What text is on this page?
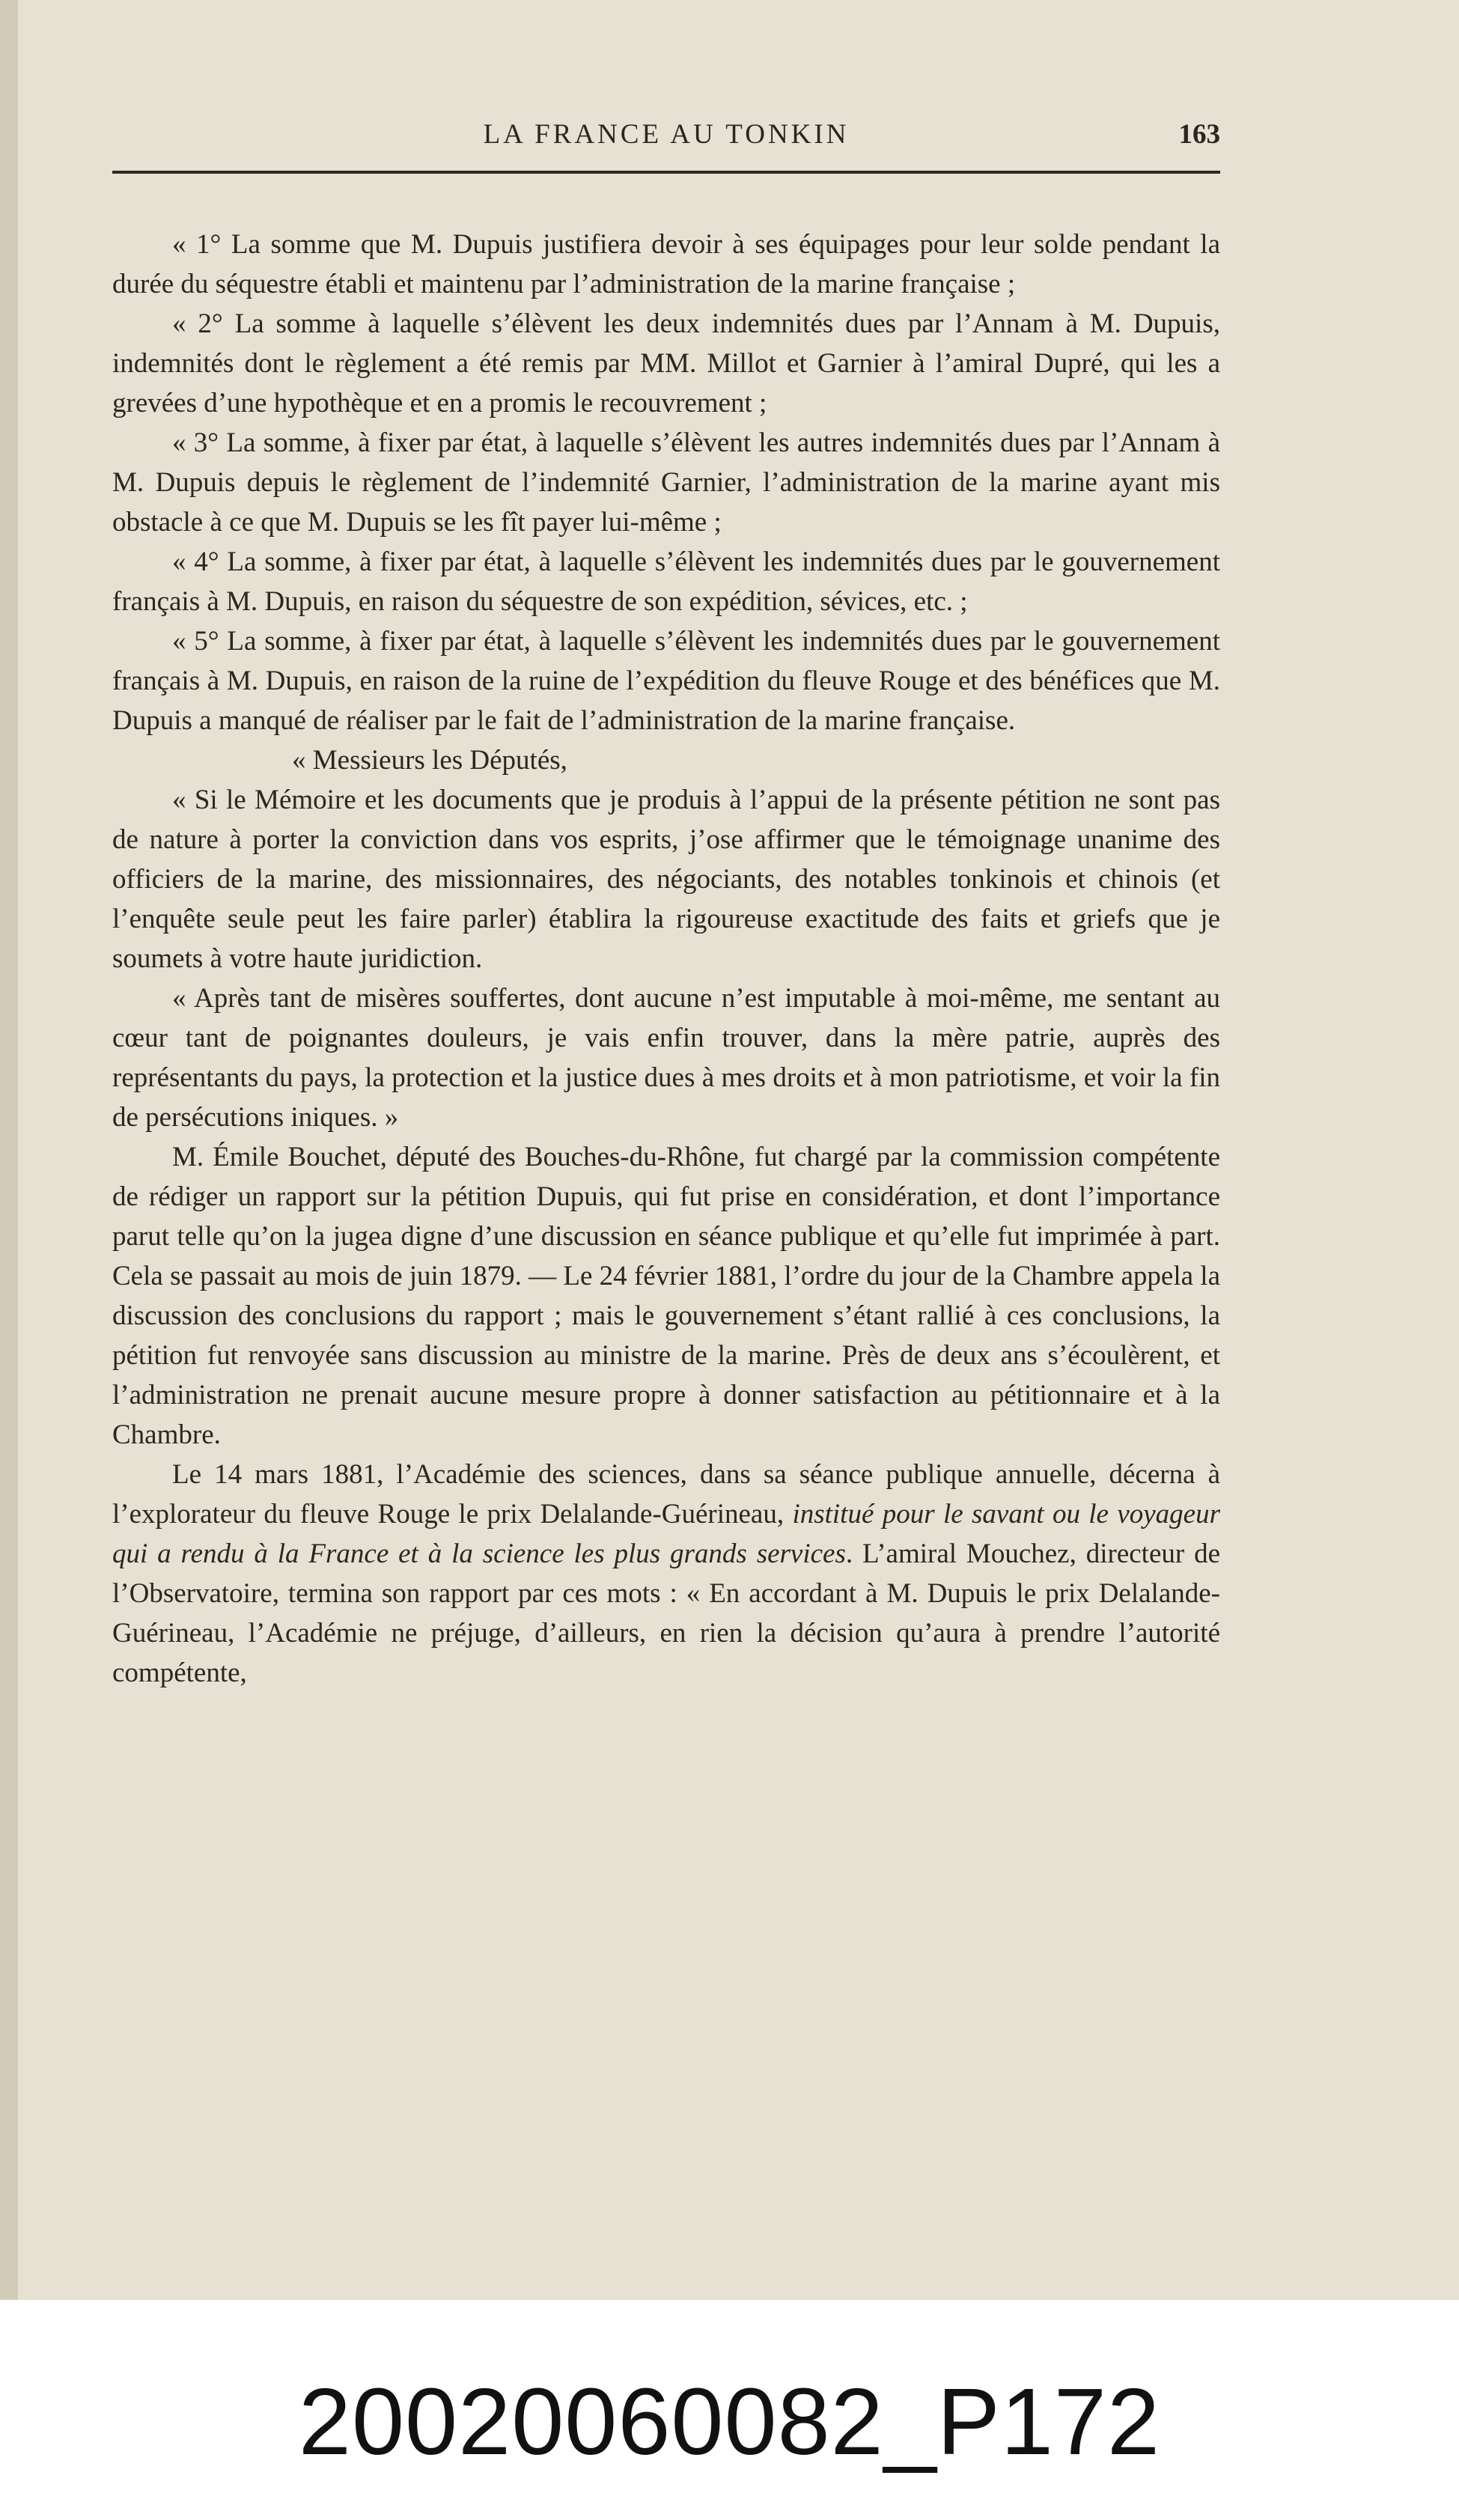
LA FRANCE AU TONKIN	163

« 1° La somme que M. Dupuis justifiera devoir à ses équipages pour leur solde pendant la durée du séquestre établi et maintenu par l’administration de la marine française ;

« 2° La somme à laquelle s’élèvent les deux indemnités dues par l’Annam à M. Dupuis, indemnités dont le règlement a été remis par MM. Millot et Garnier à l’amiral Dupré, qui les a grevées d’une hypothèque et en a promis le recouvrement ;

« 3° La somme, à fixer par état, à laquelle s’élèvent les autres indemnités dues par l’Annam à M. Dupuis depuis le règlement de l’indemnité Garnier, l’administration de la marine ayant mis obstacle à ce que M. Dupuis se les fît payer lui-même ;

« 4° La somme, à fixer par état, à laquelle s’élèvent les indemnités dues par le gouvernement français à M. Dupuis, en raison du séquestre de son expédition, sévices, etc. ;

« 5° La somme, à fixer par état, à laquelle s’élèvent les indemnités dues par le gouvernement français à M. Dupuis, en raison de la ruine de l’expédition du fleuve Rouge et des bénéfices que M. Dupuis a manqué de réaliser par le fait de l’administration de la marine française.

« Messieurs les Députés,

« Si le Mémoire et les documents que je produis à l’appui de la présente pétition ne sont pas de nature à porter la conviction dans vos esprits, j’ose affirmer que le témoignage unanime des officiers de la marine, des missionnaires, des négociants, des notables tonkinois et chinois (et l’enquête seule peut les faire parler) établira la rigoureuse exactitude des faits et griefs que je soumets à votre haute juridiction.

« Après tant de misères souffertes, dont aucune n’est imputable à moi-même, me sentant au cœur tant de poignantes douleurs, je vais enfin trouver, dans la mère patrie, auprès des représentants du pays, la protection et la justice dues à mes droits et à mon patriotisme, et voir la fin de persécutions iniques. »

M. Émile Bouchet, député des Bouches-du-Rhône, fut chargé par la commission compétente de rédiger un rapport sur la pétition Dupuis, qui fut prise en considération, et dont l’importance parut telle qu’on la jugea digne d’une discussion en séance publique et qu’elle fut imprimée à part. Cela se passait au mois de juin 1879. — Le 24 février 1881, l’ordre du jour de la Chambre appela la discussion des conclusions du rapport ; mais le gouvernement s’étant rallié à ces conclusions, la pétition fut renvoyée sans discussion au ministre de la marine. Près de deux ans s’écoulèrent, et l’administration ne prenait aucune mesure propre à donner satisfaction au pétitionnaire et à la Chambre.

Le 14 mars 1881, l’Académie des sciences, dans sa séance publique annuelle, décerna à l’explorateur du fleuve Rouge le prix Delalande-Guérineau, institué pour le savant ou le voyageur qui a rendu à la France et à la science les plus grands services. L’amiral Mouchez, directeur de l’Observatoire, termina son rapport par ces mots : « En accordant à M. Dupuis le prix Delalande-Guérineau, l’Académie ne préjuge, d’ailleurs, en rien la décision qu’aura à prendre l’autorité compétente,

20020060082_P172
